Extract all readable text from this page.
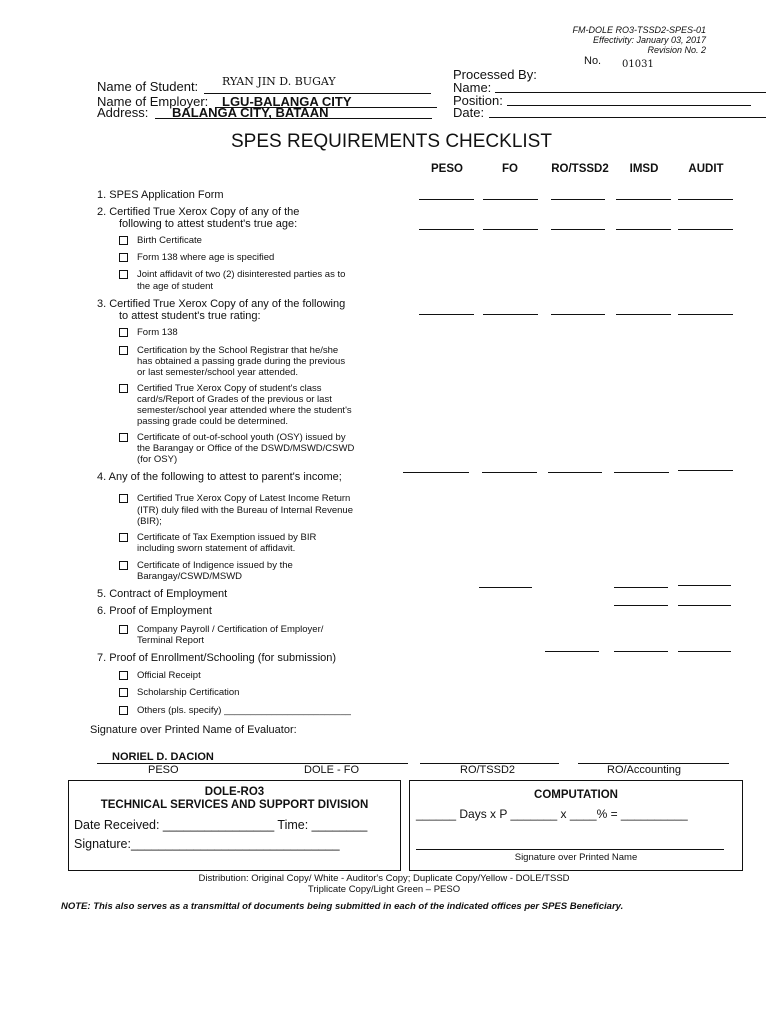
FM-DOLE RO3-TSSD2-SPES-01
Effectivity: January 03, 2017
Revision No. 2
No. 01031
Name of Student: RYAN JIN D. BUGAY
Name of Employer: LGU-BALANGA CITY
Address: BALANGA CITY, BATAAN
Processed By:
Name:
Position:
Date:
SPES REQUIREMENTS CHECKLIST
PESO	FO	RO/TSSD2	IMSD	AUDIT
1. SPES Application Form
2. Certified True Xerox Copy of any of the
following to attest student's true age:
Birth Certificate
Form 138 where age is specified
Joint affidavit of two (2) disinterested parties as to
the age of student
3. Certified True Xerox Copy of any of the following
to attest student's true rating:
Form 138
Certification by the School Registrar that he/she
has obtained a passing grade during the previous
or last semester/school year attended.
Certified True Xerox Copy of student's class
card/s/Report of Grades of the previous or last
semester/school year attended where the student's
passing grade could be determined.
Certificate of out-of-school youth (OSY) issued by
the Barangay or Office of the DSWD/MSWD/CSWD
(for OSY)
4. Any of the following to attest to parent's income;
Certified True Xerox Copy of Latest Income Return
(ITR) duly filed with the Bureau of Internal Revenue
(BIR);
Certificate of Tax Exemption issued by BIR
including sworn statement of affidavit.
Certificate of Indigence issued by the
Barangay/CSWD/MSWD
5. Contract of Employment
6. Proof of Employment
Company Payroll / Certification of Employer/
Terminal Report
7. Proof of Enrollment/Schooling (for submission)
Official Receipt
Scholarship Certification
Others (pls. specify) ________________________
Signature over Printed Name of Evaluator:
NORIEL D. DACION
PESO	DOLE - FO	RO/TSSD2	RO/Accounting
DOLE-RO3
TECHNICAL SERVICES AND SUPPORT DIVISION
Date Received: ________________ Time: ________
Signature:______________________________
COMPUTATION
______ Days x P _______ x ____% = __________
Signature over Printed Name
Distribution: Original Copy/ White - Auditor's Copy; Duplicate Copy/Yellow - DOLE/TSSD
Triplicate Copy/Light Green – PESO
NOTE: This also serves as a transmittal of documents being submitted in each of the indicated offices per SPES Beneficiary.
